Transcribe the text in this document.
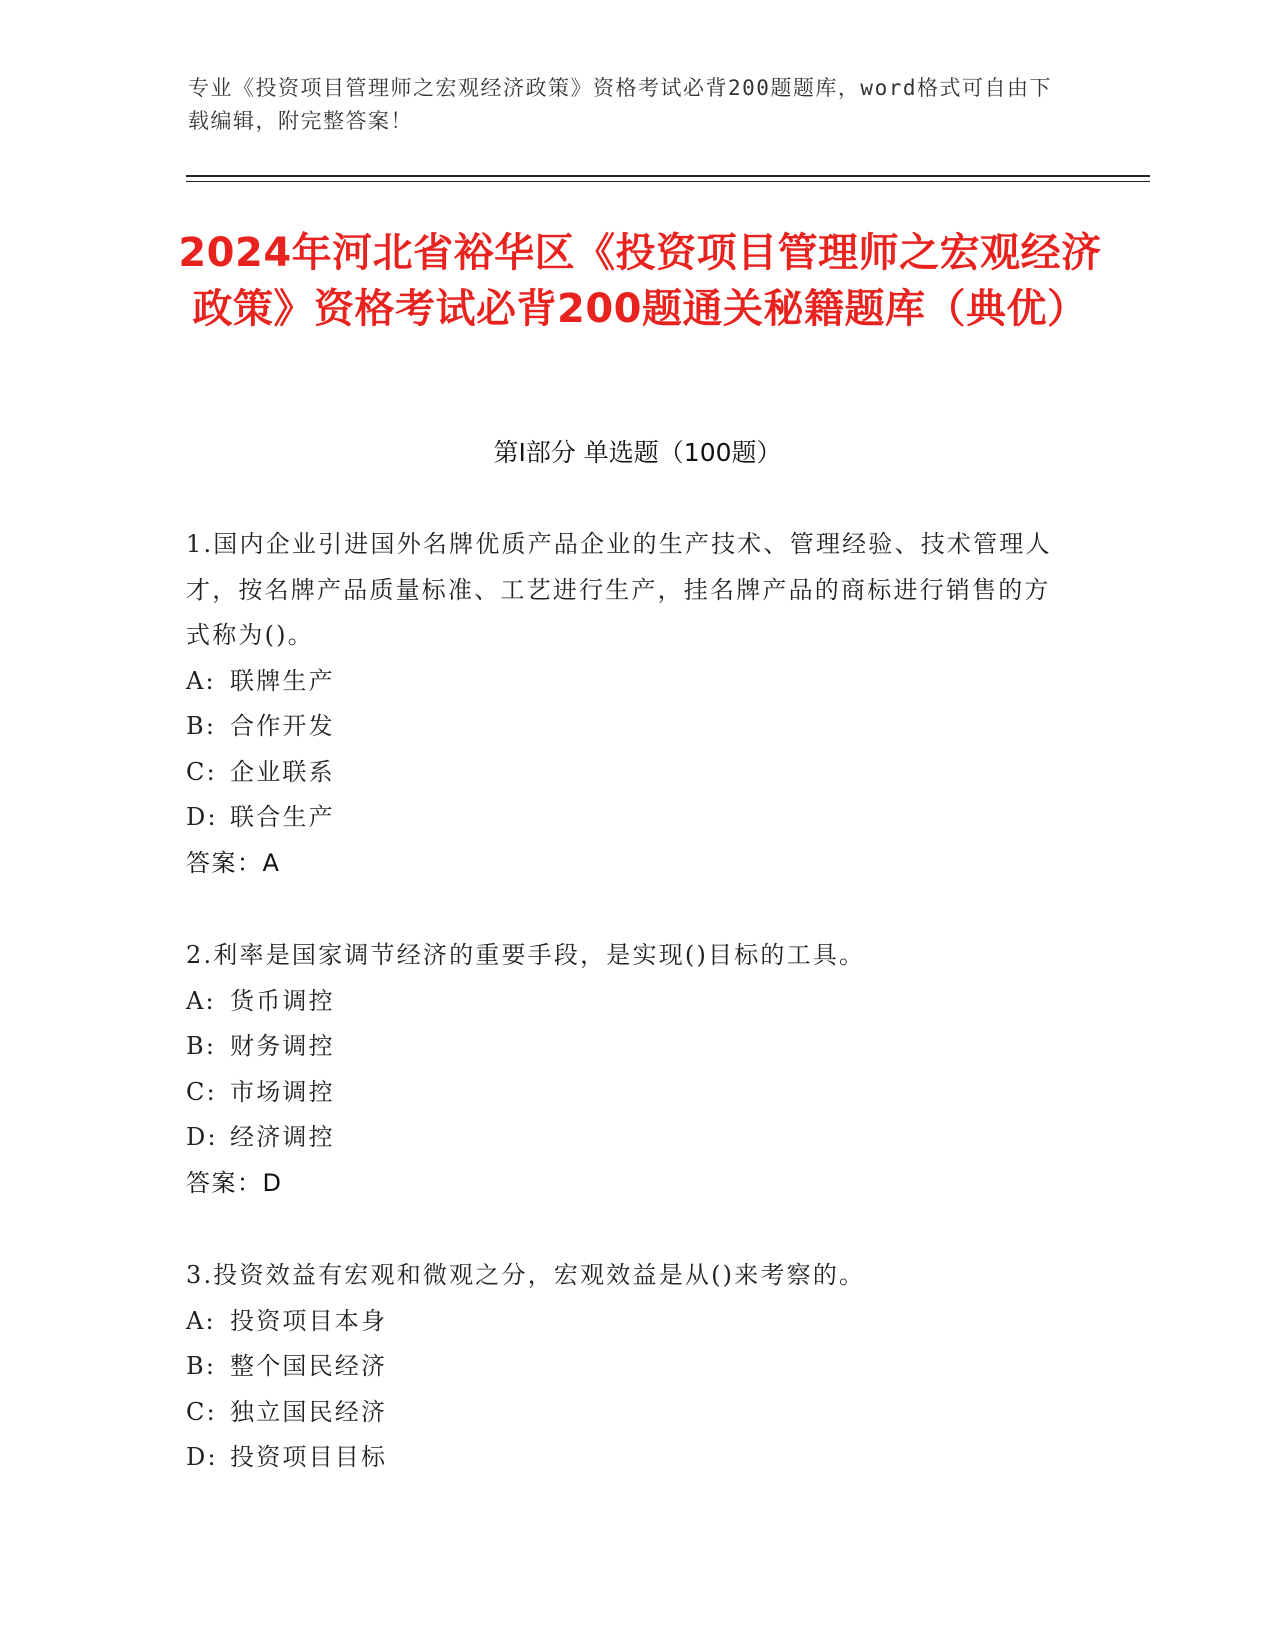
专业《投资项目管理师之宏观经济政策》资格考试必背200题题库，word格式可自由下载编辑，附完整答案！
2024年河北省裕华区《投资项目管理师之宏观经济政策》资格考试必背200题通关秘籍题库（典优）
第I部分 单选题（100题）

1.国内企业引进国外名牌优质产品企业的生产技术、管理经验、技术管理人才，按名牌产品质量标准、工艺进行生产，挂名牌产品的商标进行销售的方式称为()。

A: 联牌生产

B: 合作开发

C: 企业联系

D: 联合生产

答案：A

2.利率是国家调节经济的重要手段，是实现()目标的工具。

A: 货币调控

B: 财务调控

C: 市场调控

D: 经济调控

答案：D

3.投资效益有宏观和微观之分，宏观效益是从()来考察的。

A: 投资项目本身

B: 整个国民经济

C: 独立国民经济

D: 投资项目目标
